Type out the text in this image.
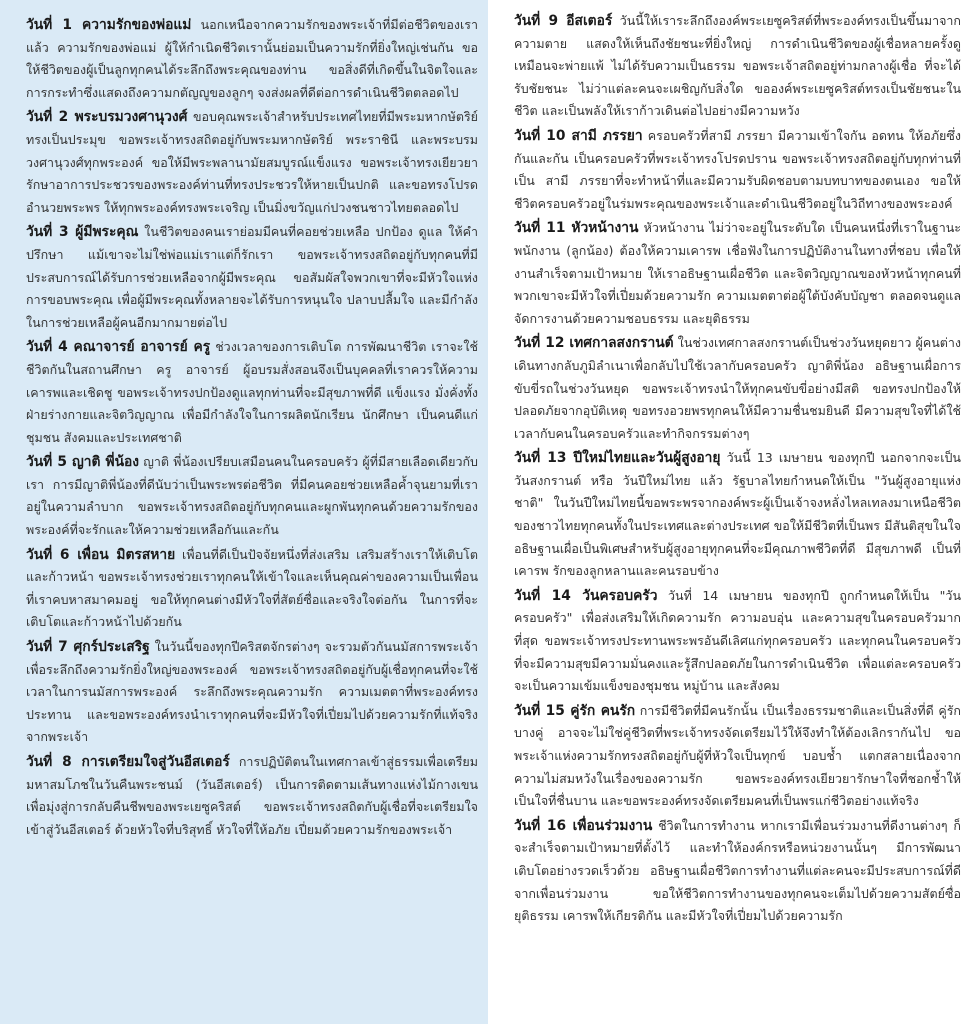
วันที่ 1 ความรักของพ่อแม่ นอกเหนือจากความรักของพระเจ้าที่มีต่อชีวิตของเราแล้ว ความรักของพ่อแม่ ผู้ให้กำเนิดชีวิตเรานั้นย่อมเป็นความรักที่ยิ่งใหญ่เช่นกัน ขอให้ชีวิตของผู้เป็นลูกทุกคนได้ระลึกถึงพระคุณของท่าน ขอสิ่งดีที่เกิดขึ้นในจิตใจและการกระทำซึ่งแสดงถึงความกตัญญูของลูกๆ จงส่งผลที่ดีต่อการดำเนินชีวิตตลอดไป

วันที่ 2 พระบรมวงศานุวงศ์ ขอบคุณพระเจ้าสำหรับประเทศไทยที่มีพระมหากษัตริย์ทรงเป็นประมุข ขอพระเจ้าทรงสถิตอยู่กับพระมหากษัตริย์ พระราชินี และพระบรมวงศานุวงศ์ทุกพระองค์ ขอให้มีพระพลานามัยสมบูรณ์แข็งแรง ขอพระเจ้าทรงเยียวยารักษาอาการประชวรของพระองค์ท่านที่ทรงประชวรให้หายเป็นปกติ และขอทรงโปรดอำนวยพระพร ให้ทุกพระองค์ทรงพระเจริญ เป็นมิ่งขวัญแก่ปวงชนชาวไทยตลอดไป

วันที่ 3 ผู้มีพระคุณ ในชีวิตของคนเราย่อมมีคนที่คอยช่วยเหลือ ปกป้อง ดูแล ให้คำปรึกษา แม้เขาจะไม่ใช่พ่อแม่เราแต่ก็รักเรา ขอพระเจ้าทรงสถิตอยู่กับทุกคนที่มีประสบการณ์ได้รับการช่วยเหลือจากผู้มีพระคุณ ขอสัมผัสใจพวกเขาที่จะมีหัวใจแห่งการขอบพระคุณ เพื่อผู้มีพระคุณทั้งหลายจะได้รับการหนุนใจ ปลาบปลื้มใจ และมีกำลังในการช่วยเหลือผู้คนอีกมากมายต่อไป

วันที่ 4 คณาจารย์ อาจารย์ ครู ช่วงเวลาของการเติบโต การพัฒนาชีวิต เราจะใช้ชีวิตกันในสถานศึกษา ครู อาจารย์ ผู้อบรมสั่งสอนจึงเป็นบุคคลที่เราควรให้ความเคารพและเชิดชู ขอพระเจ้าทรงปกป้องดูแลทุกท่านที่จะมีสุขภาพที่ดี แข็งแรง มั่งคั่งทั้งฝ่ายร่างกายและจิตวิญญาณ เพื่อมีกำลังใจในการผลิตนักเรียน นักศึกษา เป็นคนดีแก่ชุมชน สังคมและประเทศชาติ

วันที่ 5 ญาติ พี่น้อง ญาติ พี่น้องเปรียบเสมือนคนในครอบครัว ผู้ที่มีสายเลือดเดียวกับเรา การมีญาติพี่น้องที่ดีนับว่าเป็นพระพรต่อชีวิต ที่มีคนคอยช่วยเหลือค้ำจุนยามที่เราอยู่ในความลำบาก ขอพระเจ้าทรงสถิตอยู่กับทุกคนและผูกพันทุกคนด้วยความรักของพระองค์ที่จะรักและให้ความช่วยเหลือกันและกัน

วันที่ 6 เพื่อน มิตรสหาย เพื่อนที่ดีเป็นปัจจัยหนึ่งที่ส่งเสริม เสริมสร้างเราให้เติบโตและก้าวหน้า ขอพระเจ้าทรงช่วยเราทุกคนให้เข้าใจและเห็นคุณค่าของความเป็นเพื่อนที่เราคบหาสมาคมอยู่ ขอให้ทุกคนต่างมีหัวใจที่สัตย์ซื่อและจริงใจต่อกัน ในการที่จะเติบโตและก้าวหน้าไปด้วยกัน

วันที่ 7 ศุกร์ประเสริฐ ในวันนี้ของทุกปีคริสตจักรต่างๆ จะรวมตัวกันนมัสการพระเจ้าเพื่อระลึกถึงความรักยิ่งใหญ่ของพระองค์ ขอพระเจ้าทรงสถิตอยู่กับผู้เชื่อทุกคนที่จะใช้เวลาในการนมัสการพระองค์ ระลึกถึงพระคุณความรัก ความเมตตาที่พระองค์ทรงประทาน และขอพระองค์ทรงนำเราทุกคนที่จะมีหัวใจที่เปี่ยมไปด้วยความรักที่แท้จริงจากพระเจ้า

วันที่ 8 การเตรียมใจสู่วันอีสเตอร์ การปฏิบัติตนในเทศกาลเข้าสู่ธรรมเพื่อเตรียมมหาสมโภชในวันคืนพระชนม์ (วันอีสเตอร์) เป็นการติดตามเส้นทางแห่งไม้กางเขนเพื่อมุ่งสู่การกลับคืนชีพของพระเยซูคริสต์ ขอพระเจ้าทรงสถิตกับผู้เชื่อที่จะเตรียมใจเข้าสู่วันอีสเตอร์ ด้วยหัวใจที่บริสุทธิ์ หัวใจที่ให้อภัย เปี่ยมด้วยความรักของพระเจ้า

วันที่ 9 อีสเตอร์ วันนี้ให้เราระลึกถึงองค์พระเยซูคริสต์ที่พระองค์ทรงเป็นขึ้นมาจากความตาย แสดงให้เห็นถึงชัยชนะที่ยิ่งใหญ่ การดำเนินชีวิตของผู้เชื่อหลายครั้งดูเหมือนจะพ่ายแพ้ ไม่ได้รับความเป็นธรรม ขอพระเจ้าสถิตอยู่ท่ามกลางผู้เชื่อ ที่จะได้รับชัยชนะ ไม่ว่าแต่ละคนจะเผชิญกับสิ่งใด ขอองค์พระเยซูคริสต์ทรงเป็นชัยชนะในชีวิต และเป็นพลังให้เราก้าวเดินต่อไปอย่างมีความหวัง

วันที่ 10 สามี ภรรยา ครอบครัวที่สามี ภรรยา มีความเข้าใจกัน อดทน ให้อภัยซึ่งกันและกัน เป็นครอบครัวที่พระเจ้าทรงโปรดปราน ขอพระเจ้าทรงสถิตอยู่กับทุกท่านที่เป็น สามี ภรรยาที่จะทำหน้าที่และมีความรับผิดชอบตามบทบาทของตนเอง ขอให้ชีวิตครอบครัวอยู่ในร่มพระคุณของพระเจ้าและดำเนินชีวิตอยู่ในวิถีทางของพระองค์

วันที่ 11 หัวหน้างาน หัวหน้างาน ไม่ว่าจะอยู่ในระดับใด เป็นคนหนึ่งที่เราในฐานะพนักงาน (ลูกน้อง) ต้องให้ความเคารพ เชื่อฟังในการปฏิบัติงานในทางที่ชอบ เพื่อให้งานสำเร็จตามเป้าหมาย ให้เราอธิษฐานเผื่อชีวิต และจิตวิญญาณของหัวหน้าทุกคนที่พวกเขาจะมีหัวใจที่เปี่ยมด้วยความรัก ความเมตตาต่อผู้ใต้บังคับบัญชา ตลอดจนดูแล จัดการงานด้วยความชอบธรรม และยุติธรรม

วันที่ 12 เทศกาลสงกรานต์ ในช่วงเทศกาลสงกรานต์เป็นช่วงวันหยุดยาว ผู้คนต่างเดินทางกลับภูมิลำเนาเพื่อกลับไปใช้เวลากับครอบครัว ญาติพี่น้อง อธิษฐานเผื่อการขับขี่รถในช่วงวันหยุด ขอพระเจ้าทรงนำให้ทุกคนขับขี่อย่างมีสติ ขอทรงปกป้องให้ปลอดภัยจากอุบัติเหตุ ขอทรงอวยพรทุกคนให้มีความชื่นชมยินดี มีความสุขใจที่ได้ใช้เวลากับคนในครอบครัวและทำกิจกรรมต่างๆ

วันที่ 13 ปีใหม่ไทยและวันผู้สูงอายุ วันนี้ 13 เมษายน ของทุกปี นอกจากจะเป็นวันสงกรานต์ หรือ วันปีใหม่ไทย แล้ว รัฐบาลไทยกำหนดให้เป็น "วันผู้สูงอายุแห่งชาติ" ในวันปีใหม่ไทยนี้ขอพระพรจากองค์พระผู้เป็นเจ้าจงหลั่งไหลเทลงมาเหนือชีวิตของชาวไทยทุกคนทั้งในประเทศและต่างประเทศ ขอให้มีชีวิตที่เป็นพร มีสันติสุขในใจ อธิษฐานเผื่อเป็นพิเศษสำหรับผู้สูงอายุทุกคนที่จะมีคุณภาพชีวิตที่ดี มีสุขภาพดี เป็นที่เคารพ รักของลูกหลานและคนรอบข้าง

วันที่ 14 วันครอบครัว วันที่ 14 เมษายน ของทุกปี ถูกกำหนดให้เป็น "วันครอบครัว" เพื่อส่งเสริมให้เกิดความรัก ความอบอุ่น และความสุขในครอบครัวมากที่สุด ขอพระเจ้าทรงประทานพระพรอันดีเลิศแก่ทุกครอบครัว และทุกคนในครอบครัวที่จะมีความสุขมีความมั่นคงและรู้สึกปลอดภัยในการดำเนินชีวิต เพื่อแต่ละครอบครัวจะเป็นความเข้มแข็งของชุมชน หมู่บ้าน และสังคม

วันที่ 15 คู่รัก คนรัก การมีชีวิตที่มีคนรักนั้น เป็นเรื่องธรรมชาติและเป็นสิ่งที่ดี คู่รักบางคู่ อาจจะไม่ใช่คู่ชีวิตที่พระเจ้าทรงจัดเตรียมไว้ให้จึงทำให้ต้องเลิกรากันไป ขอพระเจ้าแห่งความรักทรงสถิตอยู่กับผู้ที่หัวใจเป็นทุกข์ บอบช้ำ แตกสลายเนื่องจากความไม่สมหวังในเรื่องของความรัก ขอพระองค์ทรงเยียวยารักษาใจที่ชอกช้ำให้เป็นใจที่ชื่นบาน และขอพระองค์ทรงจัดเตรียมคนที่เป็นพรแก่ชีวิตอย่างแท้จริง

วันที่ 16 เพื่อนร่วมงาน ชีวิตในการทำงาน หากเรามีเพื่อนร่วมงานที่ดีงานต่างๆ ก็จะสำเร็จตามเป้าหมายที่ตั้งไว้ และทำให้องค์กรหรือหน่วยงานนั้นๆ มีการพัฒนา เติบโตอย่างรวดเร็วด้วย อธิษฐานเผื่อชีวิตการทำงานที่แต่ละคนจะมีประสบการณ์ที่ดีจากเพื่อนร่วมงาน ขอให้ชีวิตการทำงานของทุกคนจะเต็มไปด้วยความสัตย์ซื่อ ยุติธรรม เคารพให้เกียรติกัน และมีหัวใจที่เปี่ยมไปด้วยความรัก
